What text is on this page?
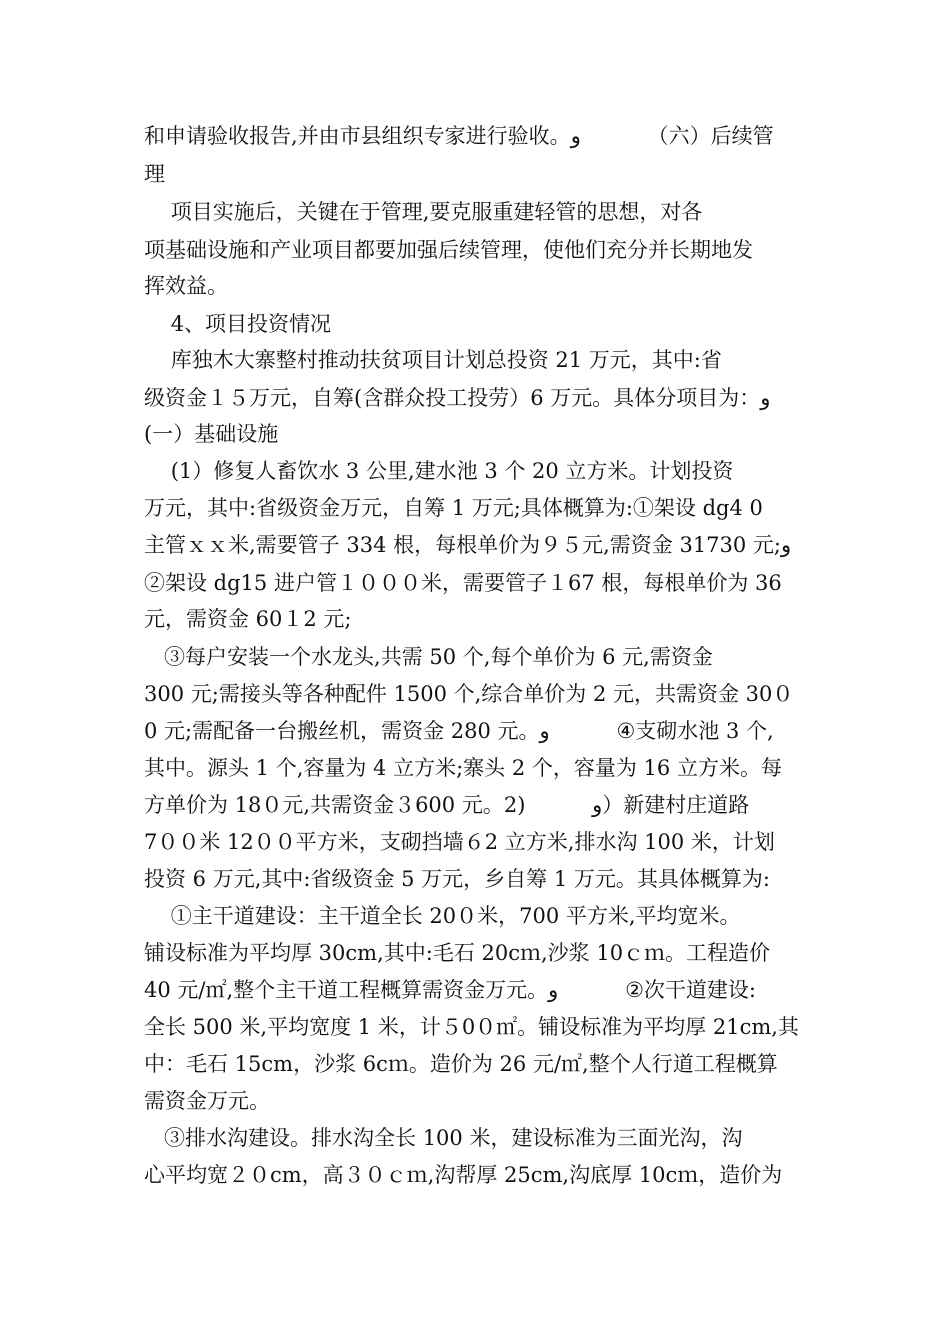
和申请验收报告,并由市县组织专家进行验收。و          （六）后续管
理
项目实施后，关键在于管理,要克服重建轻管的思想，对各
项基础设施和产业项目都要加强后续管理，使他们充分并长期地发
挥效益。
4、项目投资情况
库独木大寨整村推动扶贫项目计划总投资 21 万元，其中:省
级资金１５万元，自筹(含群众投工投劳）6 万元。具体分项目为：و
(一）基础设施
(1）修复人畜饮水 3 公里,建水池 3 个 20 立方米。计划投资
万元，其中:省级资金万元，自筹 1 万元;具体概算为:①架设 dg4 0
主管ｘｘ米,需要管子 334 根，每根单价为９５元,需资金 31730 元;و
②架设 dg15 进户管１０００米，需要管子１67 根，每根单价为 36
元，需资金 60１2 元;
③每户安装一个水龙头,共需 50 个,每个单价为 6 元,需资金
300 元;需接头等各种配件 1500 个,综合单价为 2 元，共需资金 30０
0 元;需配备一台搬丝机，需资金 280 元。و          ④支砌水池 3 个,
其中。源头 1 个,容量为 4 立方米;寨头 2 个，容量为 16 立方米。每
方单价为 18０元,共需资金３600 元。2)          و）新建村庄道路
7００米 12００平方米，支砌挡墙６2 立方米,排水沟 100 米，计划
投资 6 万元,其中:省级资金 5 万元，乡自筹 1 万元。其具体概算为:
①主干道建设：主干道全长 20０米，700 平方米,平均宽米。
铺设标准为平均厚 30cm,其中:毛石 20cｍ,沙浆 10ｃｍ。工程造价
40 元/㎡,整个主干道工程概算需资金万元。و          ②次干道建设:
全长 500 米,平均宽度 1 米，计５0０㎡。铺设标准为平均厚 21cm,其
中：毛石 15cm，沙浆 6cｍ。造价为 26 元/㎡,整个人行道工程概算
需资金万元。
③排水沟建设。排水沟全长 100 米，建设标准为三面光沟，沟
心平均宽２０cm，高３０ｃｍ,沟帮厚 25cm,沟底厚 10cｍ，造价为
